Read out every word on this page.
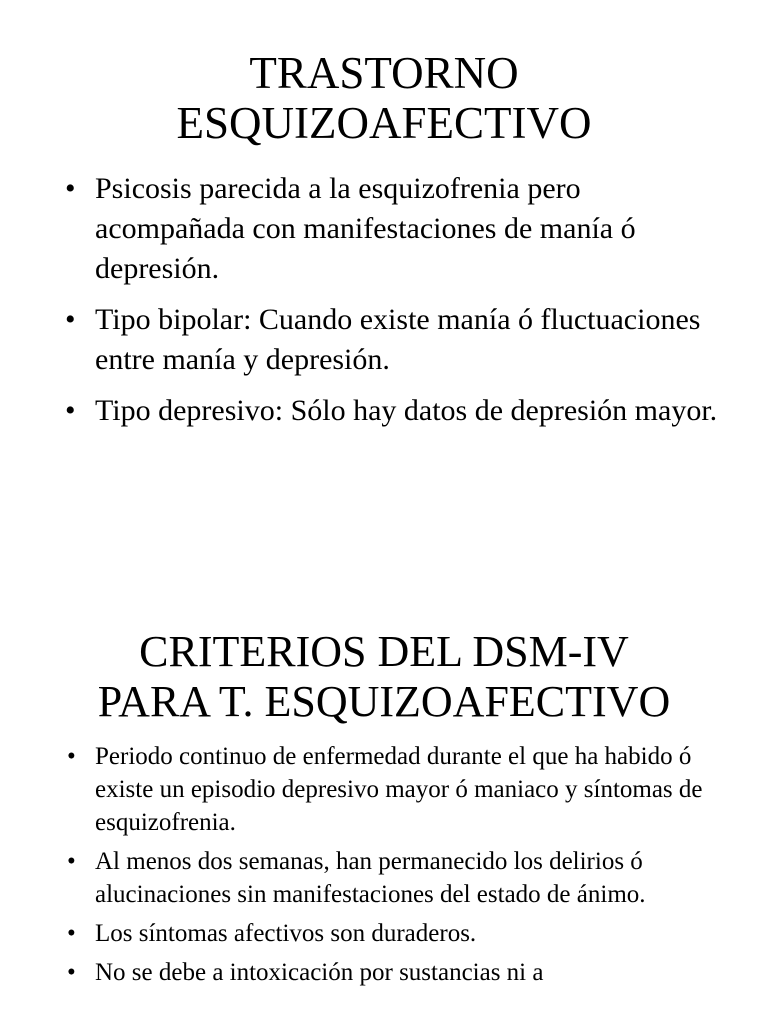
TRASTORNO
ESQUIZOAFECTIVO
• Psicosis parecida a la esquizofrenia pero acompañada con manifestaciones de manía ó depresión.
• Tipo bipolar: Cuando existe manía ó fluctuaciones entre manía y depresión.
• Tipo depresivo: Sólo hay datos de depresión mayor.
CRITERIOS DEL DSM-IV
PARA T. ESQUIZOAFECTIVO
• Periodo continuo de enfermedad durante el que ha habido ó existe un episodio depresivo mayor ó maniaco y síntomas de esquizofrenia.
• Al menos dos semanas, han permanecido los delirios ó alucinaciones sin manifestaciones del estado de ánimo.
• Los síntomas afectivos son duraderos.
• No se debe a intoxicación por sustancias ni a
